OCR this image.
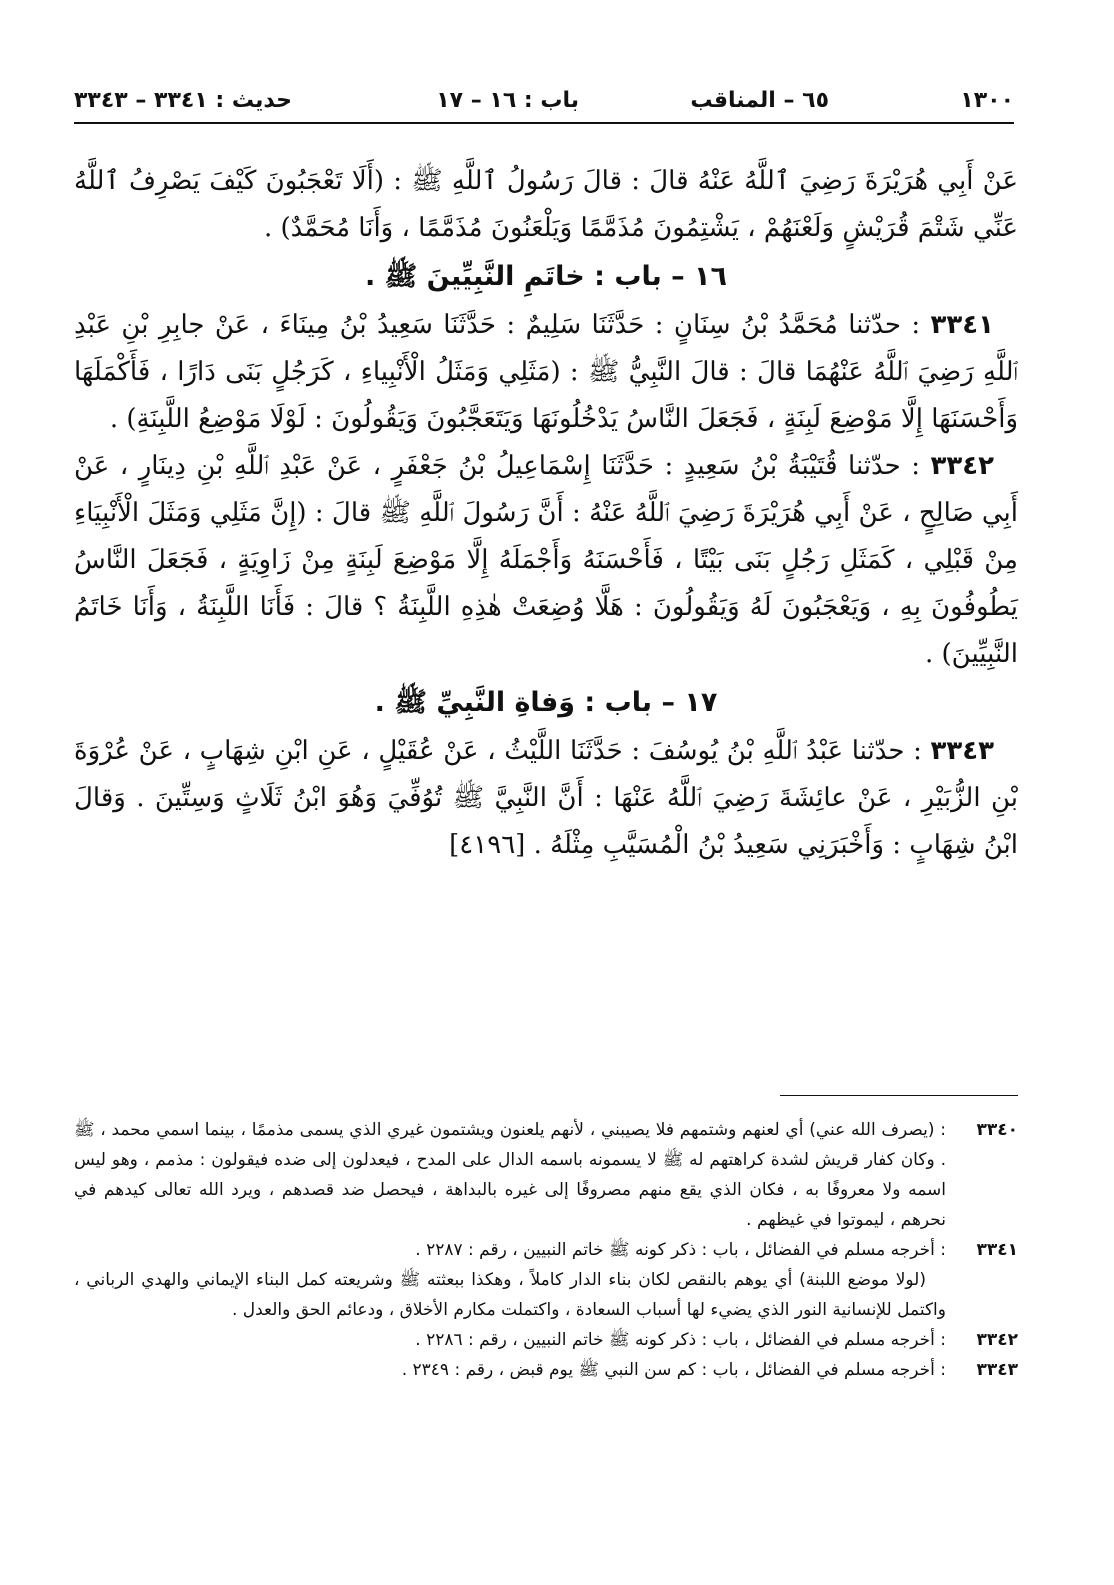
١٣٠٠
٦٥ – المناقب
باب : ١٦ – ١٧
حديث : ٣٣٤١ – ٣٣٤٣

عَنْ أَبِي هُرَيْرَةَ رَضِيَ ٱللَّهُ عَنْهُ قالَ : قالَ رَسُولُ ٱللَّهِ ﷺ : (أَلَا تَعْجَبُونَ كَيْفَ يَصْرِفُ ٱللَّهُ عَنِّي شَتْمَ قُرَيْشٍ وَلَعْنَهُمْ ، يَشْتِمُونَ مُذَمَّمًا وَيَلْعَنُونَ مُذَمَّمًا ، وَأَنَا مُحَمَّدٌ) .

١٦ – باب : خاتَمِ النَّبِيِّينَ ﷺ .

٣٣٤١ : حدّثنا مُحَمَّدُ بْنُ سِنَانٍ : حَدَّثَنَا سَلِيمٌ : حَدَّثَنَا سَعِيدُ بْنُ مِينَاءَ ، عَنْ جابِرِ بْنِ عَبْدِ ٱللَّهِ رَضِيَ ٱللَّهُ عَنْهُمَا قالَ : قالَ النَّبِيُّ ﷺ : (مَثَلِي وَمَثَلُ الْأَنْبِياءِ ، كَرَجُلٍ بَنَى دَارًا ، فَأَكْمَلَهَا وَأَحْسَنَهَا إِلَّا مَوْضِعَ لَبِنَةٍ ، فَجَعَلَ النَّاسُ يَدْخُلُونَهَا وَيَتَعَجَّبُونَ وَيَقُولُونَ : لَوْلَا مَوْضِعُ اللَّبِنَةِ) .

٣٣٤٢ : حدّثنا قُتَيْبَةُ بْنُ سَعِيدٍ : حَدَّثَنَا إِسْمَاعِيلُ بْنُ جَعْفَرٍ ، عَنْ عَبْدِ ٱللَّهِ بْنِ دِينَارٍ ، عَنْ أَبِي صَالِحٍ ، عَنْ أَبِي هُرَيْرَةَ رَضِيَ ٱللَّهُ عَنْهُ : أَنَّ رَسُولَ ٱللَّهِ ﷺ قالَ : (إِنَّ مَثَلِي وَمَثَلَ الْأَنْبِيَاءِ مِنْ قَبْلِي ، كَمَثَلِ رَجُلٍ بَنَى بَيْتًا ، فَأَحْسَنَهُ وَأَجْمَلَهُ إِلَّا مَوْضِعَ لَبِنَةٍ مِنْ زَاوِيَةٍ ، فَجَعَلَ النَّاسُ يَطُوفُونَ بِهِ ، وَيَعْجَبُونَ لَهُ وَيَقُولُونَ : هَلَّا وُضِعَتْ هٰذِهِ اللَّبِنَةُ ؟ قالَ : فَأَنَا اللَّبِنَةُ ، وَأَنَا خَاتَمُ النَّبِيِّينَ) .

١٧ – باب : وَفاةِ النَّبِيِّ ﷺ .

٣٣٤٣ : حدّثنا عَبْدُ ٱللَّهِ بْنُ يُوسُفَ : حَدَّثَنَا اللَّيْثُ ، عَنْ عُقَيْلٍ ، عَنِ ابْنِ شِهَابٍ ، عَنْ عُرْوَةَ بْنِ الزُّبَيْرِ ، عَنْ عائِشَةَ رَضِيَ ٱللَّهُ عَنْهَا : أَنَّ النَّبِيَّ ﷺ تُوُفِّيَ وَهُوَ ابْنُ ثَلَاثٍ وَسِتِّينَ . وَقالَ ابْنُ شِهَابٍ : وَأَخْبَرَنِي سَعِيدُ بْنُ الْمُسَيَّبِ مِثْلَهُ . [٤١٩٦]

٣٣٤٠

: (يصرف الله عني) أي لعنهم وشتمهم فلا يصيبني ، لأنهم يلعنون ويشتمون غيري الذي يسمى مذممًا ، بينما اسمي محمد ، ﷺ . وكان كفار قريش لشدة كراهتهم له ﷺ لا يسمونه باسمه الدال على المدح ، فيعدلون إلى ضده فيقولون : مذمم ، وهو ليس اسمه ولا معروفًا به ، فكان الذي يقع منهم مصروفًا إلى غيره بالبداهة ، فيحصل ضد قصدهم ، ويرد الله تعالى كيدهم في نحرهم ، ليموتوا في غيظهم .

٣٣٤١

: أخرجه مسلم في الفضائل ، باب : ذكر كونه ﷺ خاتم النبيين ، رقم : ٢٢٨٧ .

(لولا موضع اللبنة) أي يوهم بالنقص لكان بناء الدار كاملاً ، وهكذا ببعثته ﷺ وشريعته كمل البناء الإيماني والهدي الرباني ، واكتمل للإنسانية النور الذي يضيء لها أسباب السعادة ، واكتملت مكارم الأخلاق ، ودعائم الحق والعدل .

٣٣٤٢

: أخرجه مسلم في الفضائل ، باب : ذكر كونه ﷺ خاتم النبيين ، رقم : ٢٢٨٦ .

٣٣٤٣

: أخرجه مسلم في الفضائل ، باب : كم سن النبي ﷺ يوم قبض ، رقم : ٢٣٤٩ .
